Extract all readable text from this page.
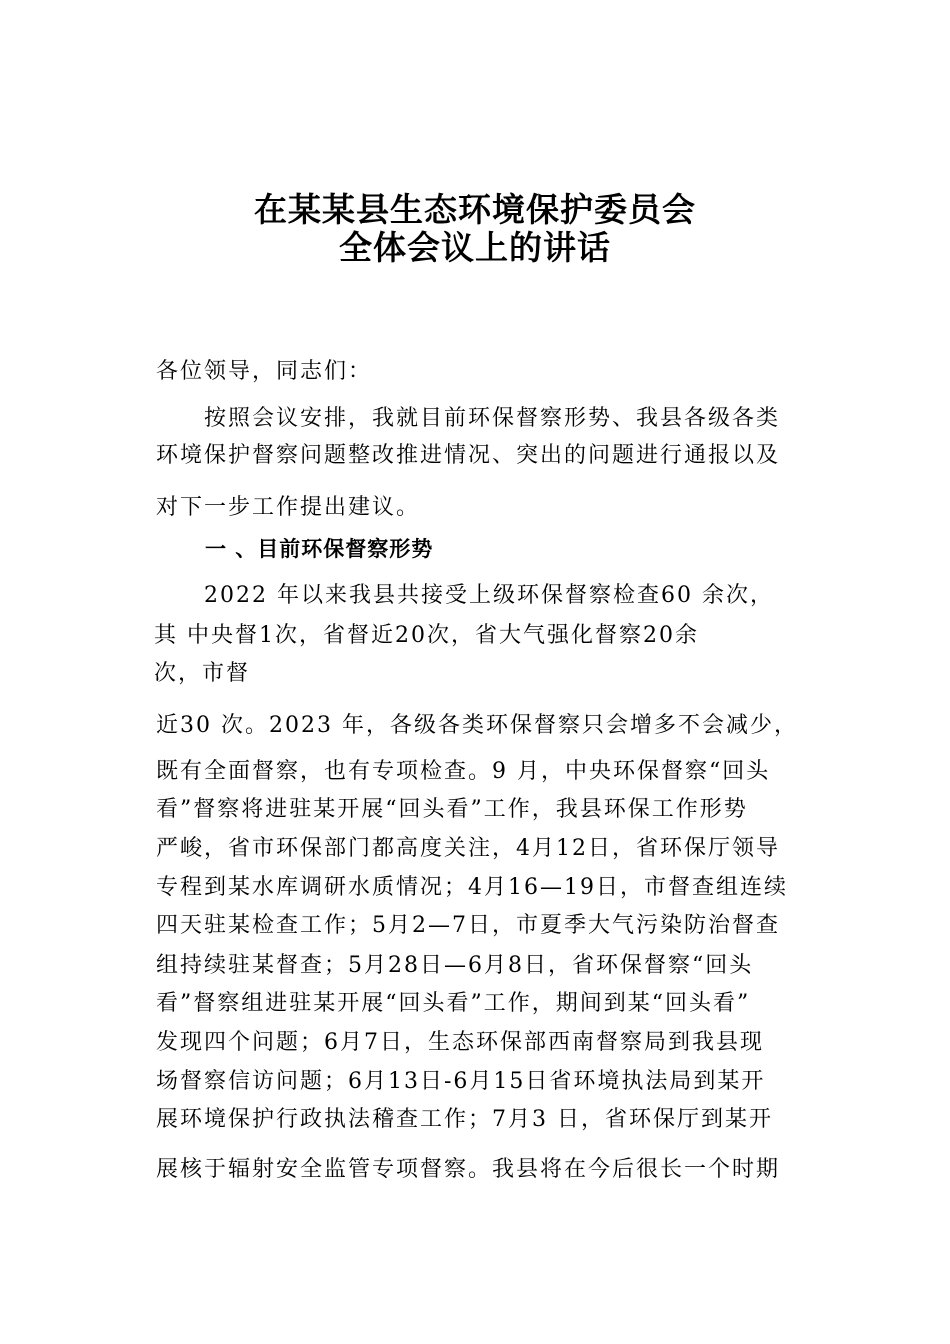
在某某县生态环境保护委员会
全体会议上的讲话
各位领导，同志们：
　按照会议安排，我就目前环保督察形势、我县各级各类
环境保护督察问题整改推进情况、突出的问题进行通报以及
对下一步工作提出建议。
一 、目前环保督察形势
　2022 年以来我县共接受上级环保督察检查60 余次，
其 中央督1次，省督近20次，省大气强化督察20余
次，市督
近30 次。2023 年，各级各类环保督察只会增多不会减少，
既有全面督察，也有专项检查。9 月，中央环保督察“回头
看”督察将进驻某开展“回头看”工作，我县环保工作形势
严峻，省市环保部门都高度关注，4月12日，省环保厅领导
专程到某水库调研水质情况；4月16—19日，市督查组连续
四天驻某检查工作；5月2—7日，市夏季大气污染防治督查
组持续驻某督查；5月28日—6月8日，省环保督察“回头
看”督察组进驻某开展“回头看”工作，期间到某“回头看”
发现四个问题；6月7日，生态环保部西南督察局到我县现
场督察信访问题；6月13日-6月15日省环境执法局到某开
展环境保护行政执法稽查工作；7月3 日，省环保厅到某开
展核于辐射安全监管专项督察。我县将在今后很长一个时期
